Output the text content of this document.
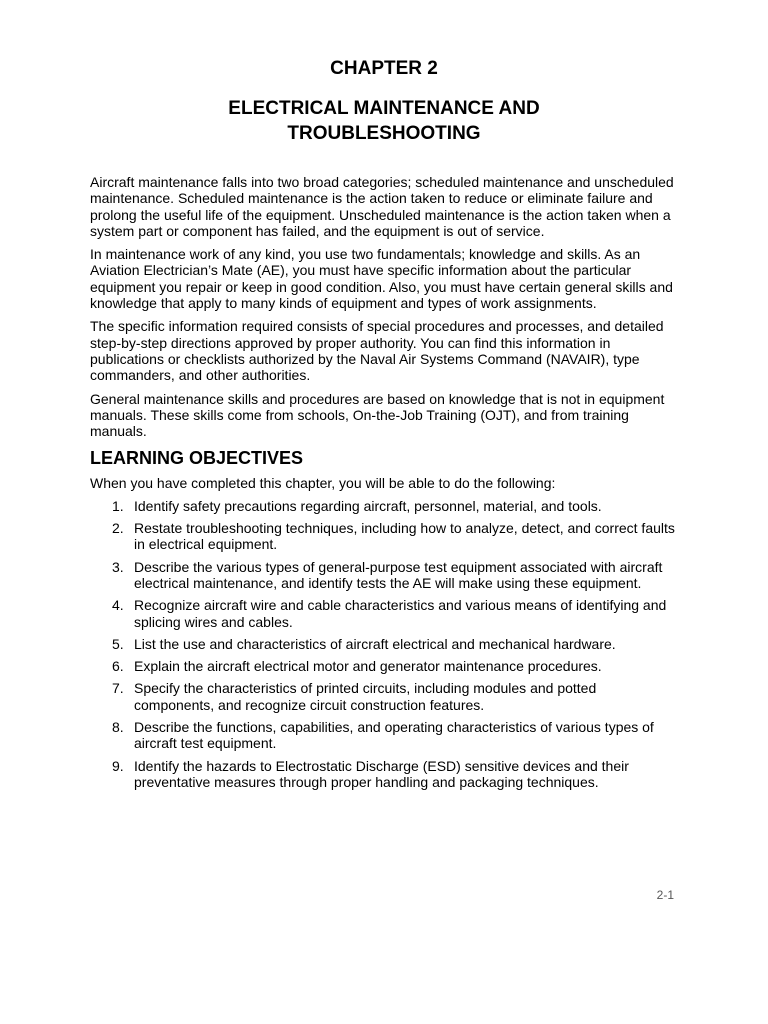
CHAPTER 2
ELECTRICAL MAINTENANCE AND
TROUBLESHOOTING

Aircraft maintenance falls into two broad categories; scheduled maintenance and unscheduled maintenance. Scheduled maintenance is the action taken to reduce or eliminate failure and prolong the useful life of the equipment. Unscheduled maintenance is the action taken when a system part or component has failed, and the equipment is out of service.

In maintenance work of any kind, you use two fundamentals; knowledge and skills. As an Aviation Electrician’s Mate (AE), you must have specific information about the particular equipment you repair or keep in good condition. Also, you must have certain general skills and knowledge that apply to many kinds of equipment and types of work assignments.

The specific information required consists of special procedures and processes, and detailed step-by-step directions approved by proper authority. You can find this information in publications or checklists authorized by the Naval Air Systems Command (NAVAIR), type commanders, and other authorities.

General maintenance skills and procedures are based on knowledge that is not in equipment manuals. These skills come from schools, On-the-Job Training (OJT), and from training manuals.

LEARNING OBJECTIVES
When you have completed this chapter, you will be able to do the following:
1. Identify safety precautions regarding aircraft, personnel, material, and tools.
2. Restate troubleshooting techniques, including how to analyze, detect, and correct faults in electrical equipment.
3. Describe the various types of general-purpose test equipment associated with aircraft electrical maintenance, and identify tests the AE will make using these equipment.
4. Recognize aircraft wire and cable characteristics and various means of identifying and splicing wires and cables.
5. List the use and characteristics of aircraft electrical and mechanical hardware.
6. Explain the aircraft electrical motor and generator maintenance procedures.
7. Specify the characteristics of printed circuits, including modules and potted components, and recognize circuit construction features.
8. Describe the functions, capabilities, and operating characteristics of various types of aircraft test equipment.
9. Identify the hazards to Electrostatic Discharge (ESD) sensitive devices and their preventative measures through proper handling and packaging techniques.
2-1
